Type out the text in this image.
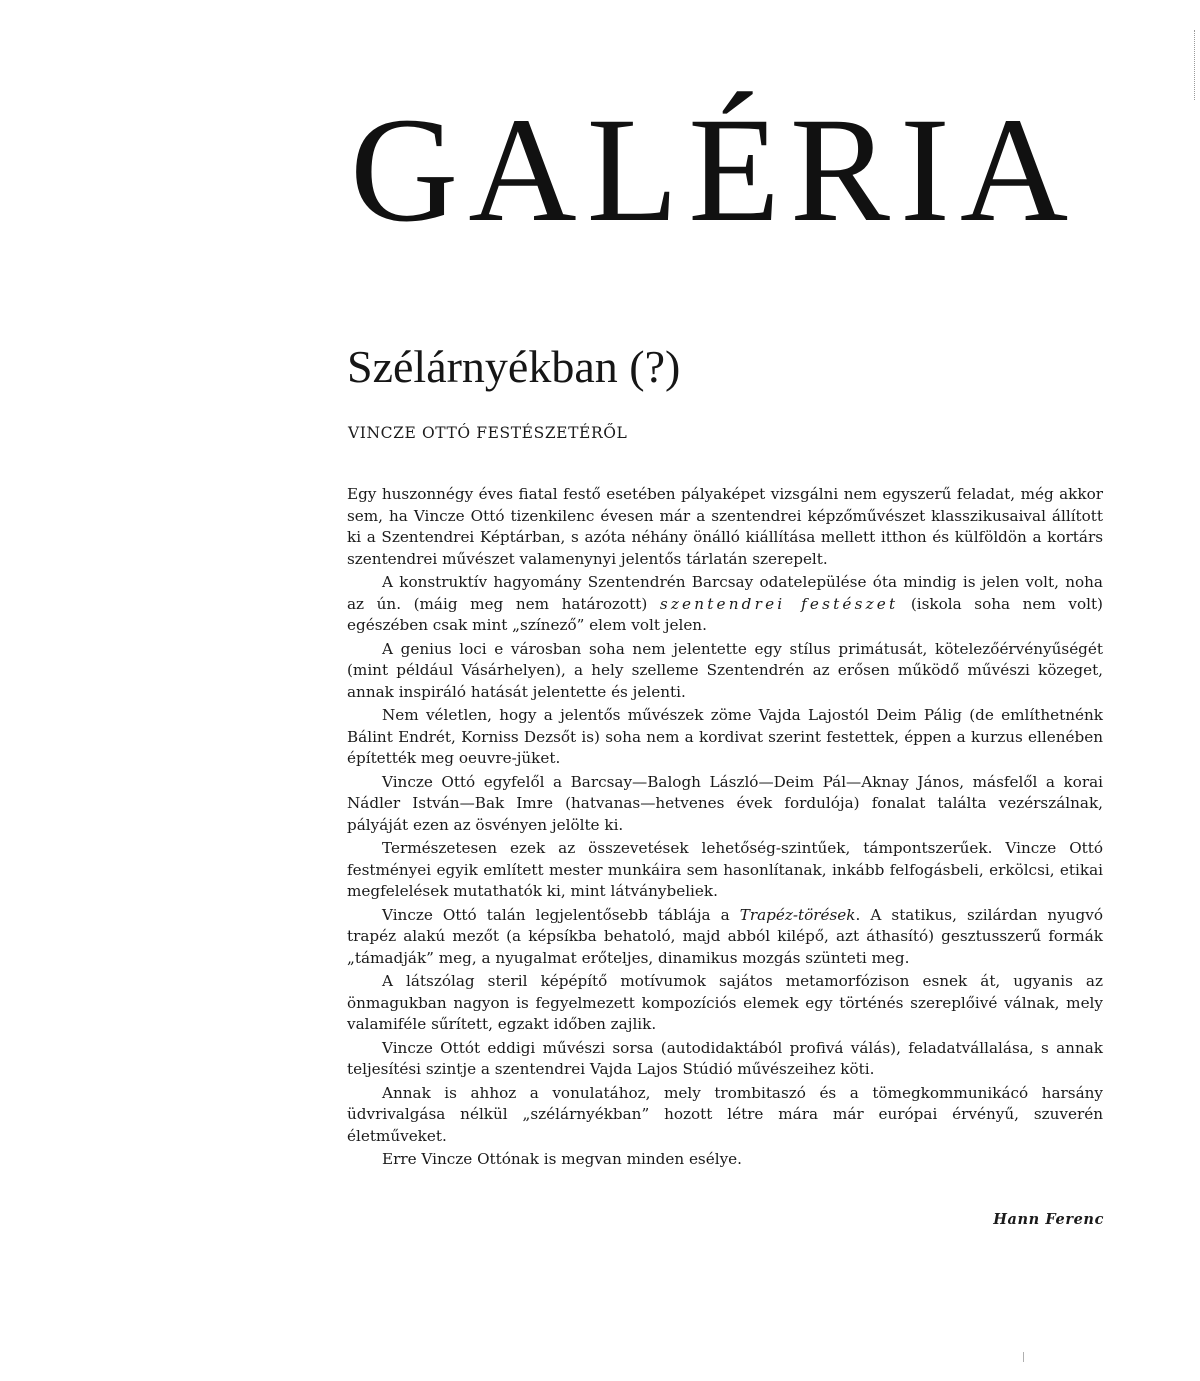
GALÉRIA
Szélárnyékban (?)

VINCZE OTTÓ FESTÉSZETÉRŐL

Egy huszonnégy éves fiatal festő esetében pályaképet vizsgálni nem egyszerű feladat, még akkor sem, ha Vincze Ottó tizenkilenc évesen már a szentendrei képzőművészet klasszikusaival állított ki a Szentendrei Képtárban, s azóta néhány önálló kiállítása mellett itthon és külföldön a kortárs szentendrei művészet valamenynyi jelentős tárlatán szerepelt.

A konstruktív hagyomány Szentendrén Barcsay odatelepülése óta mindig is jelen volt, noha az ún. (máig meg nem határozott) szentendrei festészet (iskola soha nem volt) egészében csak mint „színező” elem volt jelen.

A genius loci e városban soha nem jelentette egy stílus primátusát, kötelezőérvényűségét (mint például Vásárhelyen), a hely szelleme Szentendrén az erősen működő művészi közeget, annak inspiráló hatását jelentette és jelenti.

Nem véletlen, hogy a jelentős művészek zöme Vajda Lajostól Deim Pálig (de említhetnénk Bálint Endrét, Korniss Dezsőt is) soha nem a kordivat szerint festettek, éppen a kurzus ellenében építették meg oeuvre-jüket.

Vincze Ottó egyfelől a Barcsay—Balogh László—Deim Pál—Aknay János, másfelől a korai Nádler István—Bak Imre (hatvanas—hetvenes évek fordulója) fonalat találta vezérszálnak, pályáját ezen az ösvényen jelölte ki.

Természetesen ezek az összevetések lehetőség-szintűek, támpontszerűek. Vincze Ottó festményei egyik említett mester munkáira sem hasonlítanak, inkább felfogásbeli, erkölcsi, etikai megfelelések mutathatók ki, mint látványbeliek.

Vincze Ottó talán legjelentősebb táblája a Trapéz-törések. A statikus, szilárdan nyugvó trapéz alakú mezőt (a képsíkba behatoló, majd abból kilépő, azt áthasító) gesztusszerű formák „támadják” meg, a nyugalmat erőteljes, dinamikus mozgás szünteti meg.

A látszólag steril képépítő motívumok sajátos metamorfózison esnek át, ugyanis az önmagukban nagyon is fegyelmezett kompozíciós elemek egy történés szereplőivé válnak, mely valamiféle sűrített, egzakt időben zajlik.

Vincze Ottót eddigi művészi sorsa (autodidaktából profivá válás), feladatvállalása, s annak teljesítési szintje a szentendrei Vajda Lajos Stúdió művészeihez köti.

Annak is ahhoz a vonulatához, mely trombitaszó és a tömegkommunikácó harsány üdvrivalgása nélkül „szélárnyékban” hozott létre mára már európai érvényű, szuverén életműveket.

Erre Vincze Ottónak is megvan minden esélye.

Hann Ferenc
